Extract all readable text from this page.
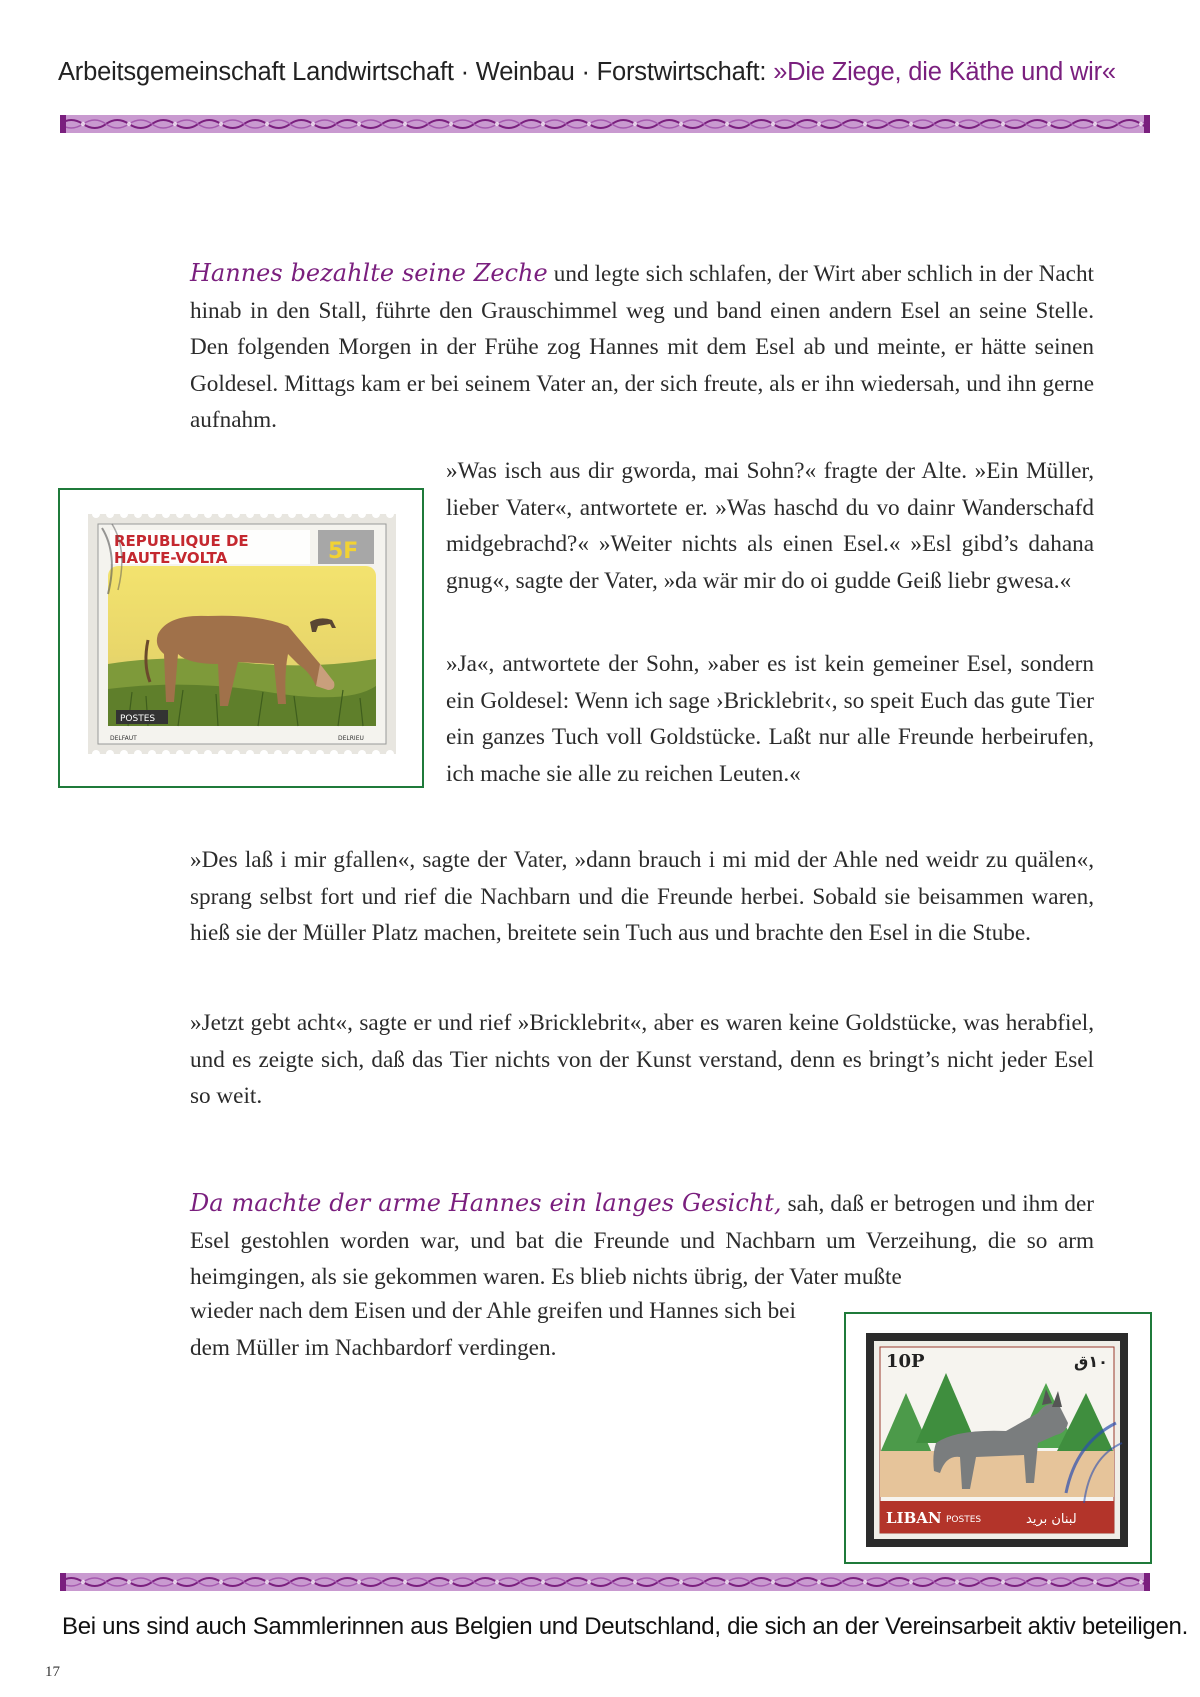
Arbeitsgemeinschaft Landwirtschaft · Weinbau · Forstwirtschaft: »Die Ziege, die Käthe und wir«

Hannes bezahlte seine Zeche und legte sich schlafen, der Wirt aber schlich in der Nacht hinab in den Stall, führte den Grauschimmel weg und band einen andern Esel an seine Stelle. Den folgenden Morgen in der Frühe zog Hannes mit dem Esel ab und meinte, er hätte seinen Goldesel. Mittags kam er bei seinem Vater an, der sich freute, als er ihn wiedersah, und ihn gerne aufnahm.

REPUBLIQUE DE
HAUTE-VOLTA	5F
POSTES
DELFAUT	DELRIEU

»Was isch aus dir gworda, mai Sohn?« fragte der Alte. »Ein Müller, lieber Vater«, antwortete er. »Was haschd du vo dainr Wanderschafd midgebrachd?« »Weiter nichts als einen Esel.« »Esl gibd’s dahana gnug«, sagte der Vater, »da wär mir do oi gudde Geiß liebr gwesa.«

»Ja«, antwortete der Sohn, »aber es ist kein gemeiner Esel, sondern ein Goldesel: Wenn ich sage ›Bricklebrit‹, so speit Euch das gute Tier ein ganzes Tuch voll Goldstücke. Laßt nur alle Freunde herbeirufen, ich mache sie alle zu reichen Leuten.«

»Des laß i mir gfallen«, sagte der Vater, »dann brauch i mi mid der Ahle ned weidr zu quälen«, sprang selbst fort und rief die Nachbarn und die Freunde herbei. Sobald sie beisammen waren, hieß sie der Müller Platz machen, breitete sein Tuch aus und brachte den Esel in die Stube.

»Jetzt gebt acht«, sagte er und rief »Bricklebrit«, aber es waren keine Goldstücke, was herabfiel, und es zeigte sich, daß das Tier nichts von der Kunst verstand, denn es bringt’s nicht jeder Esel so weit.

Da machte der arme Hannes ein langes Gesicht, sah, daß er betrogen und ihm der Esel gestohlen worden war, und bat die Freunde und Nachbarn um Verzeihung, die so arm heimgingen, als sie gekommen waren. Es blieb nichts übrig, der Vater mußte

wieder nach dem Eisen und der Ahle greifen und Hannes sich bei dem Müller im Nachbardorf verdingen.

10P	١٠ق
LIBAN POSTES	لبنان بريد
Bei uns sind auch Sammlerinnen aus Belgien und Deutschland, die sich an der Vereinsarbeit aktiv beteiligen.
17
